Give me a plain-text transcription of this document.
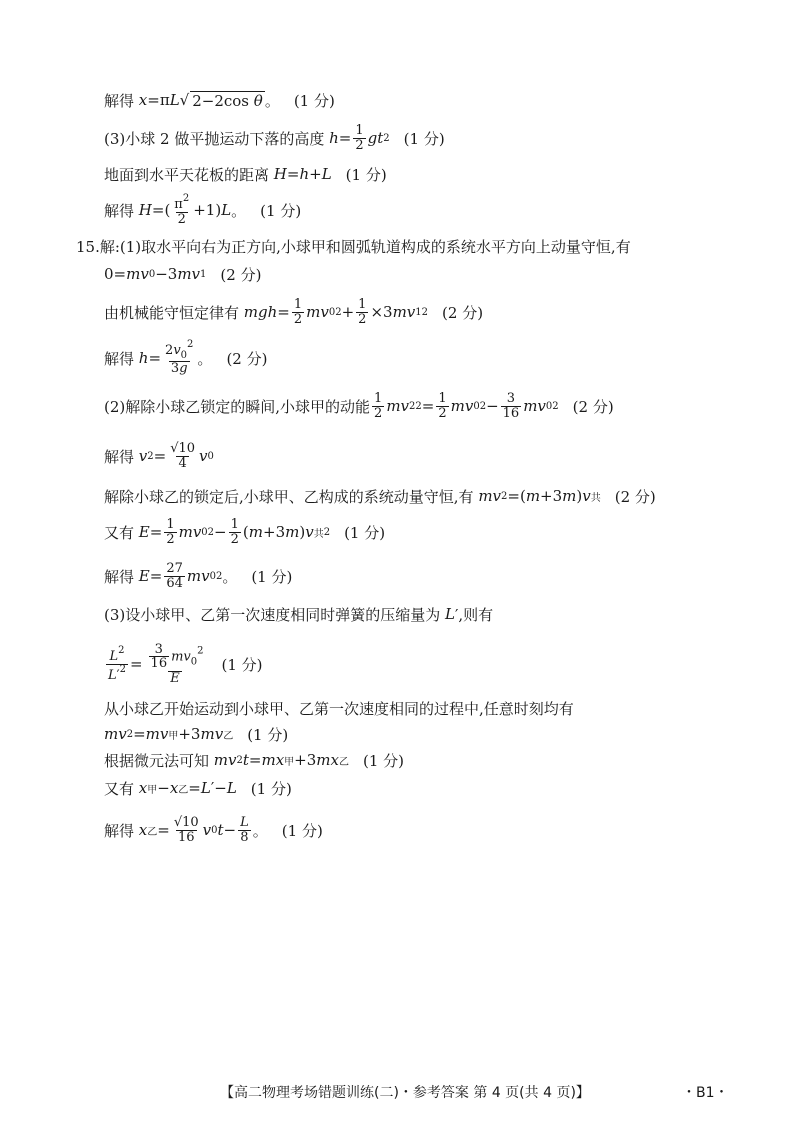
解得 x =π L √ 2−2cos θ 。 (1 分)
(3)小球 2 做平抛运动下落的高度 $h = \frac{1}{2}$ gt 2 (1 分)
地面到水平天花板的距离 H = h + L (1 分)
解得 H =( $\frac{\pi^2}{2} +1$) L 。 (1 分)
15.解:(1)取水平向右为正方向,小球甲和圆弧轨道构成的系统水平方向上动量守恒,有
0= mv 0 −3 mv 1 (2 分)
由机械能守恒定律有 mgh = $\frac{1}{2}$ mv 0 $2 + \frac{1}{2} \times 3$ mv 1 2 (2 分)
解得 $h = \frac{2v_0^2}{3g}$ 。 (2 分)
(2)解除小球乙锁定的瞬间,小球甲的动能 $\frac{1}{2}$ mv 2 $2 = \frac{1}{2}$ mv 0 $2 - \frac{3}{16}$ mv 0 2 (2 分)
解得 v $2 = \frac{√10}{4}$ v 0
解除小球乙的锁定后,小球甲、乙构成的系统动量守恒,有 mv 2 =( m +3 m ) v 共 (2 分)
又有 $E = \frac{1}{2}$ mv 0 $2 - \frac{1}{2}$ ( m +3 m ) v 共 2 (1 分)
解得 $E = \frac{27}{64}$ mv 0 2 。 (1 分)
(3)设小球甲、乙第一次速度相同时弹簧的压缩量为 L ′,则有
$\frac{L^2}{L'^2} = \frac{\frac{3}{16} mv_0^2}{E} (1$ 分)
从小球乙开始运动到小球甲、乙第一次速度相同的过程中,任意时刻均有
mv 2 = mv 甲 +3 mv 乙 (1 分)
根据微元法可知 mv 2 t = mx 甲 +3 mx 乙 (1 分)
又有 x 甲 − x 乙 = L ′− L (1 分)
解得 x 乙 = $\frac{√10}{16}$ v 0 $t - \frac{L}{8}$ 。 (1 分)
【高二物理考场错题训练(二)・参考答案 第 4 页(共 4 页)】	・B1・
